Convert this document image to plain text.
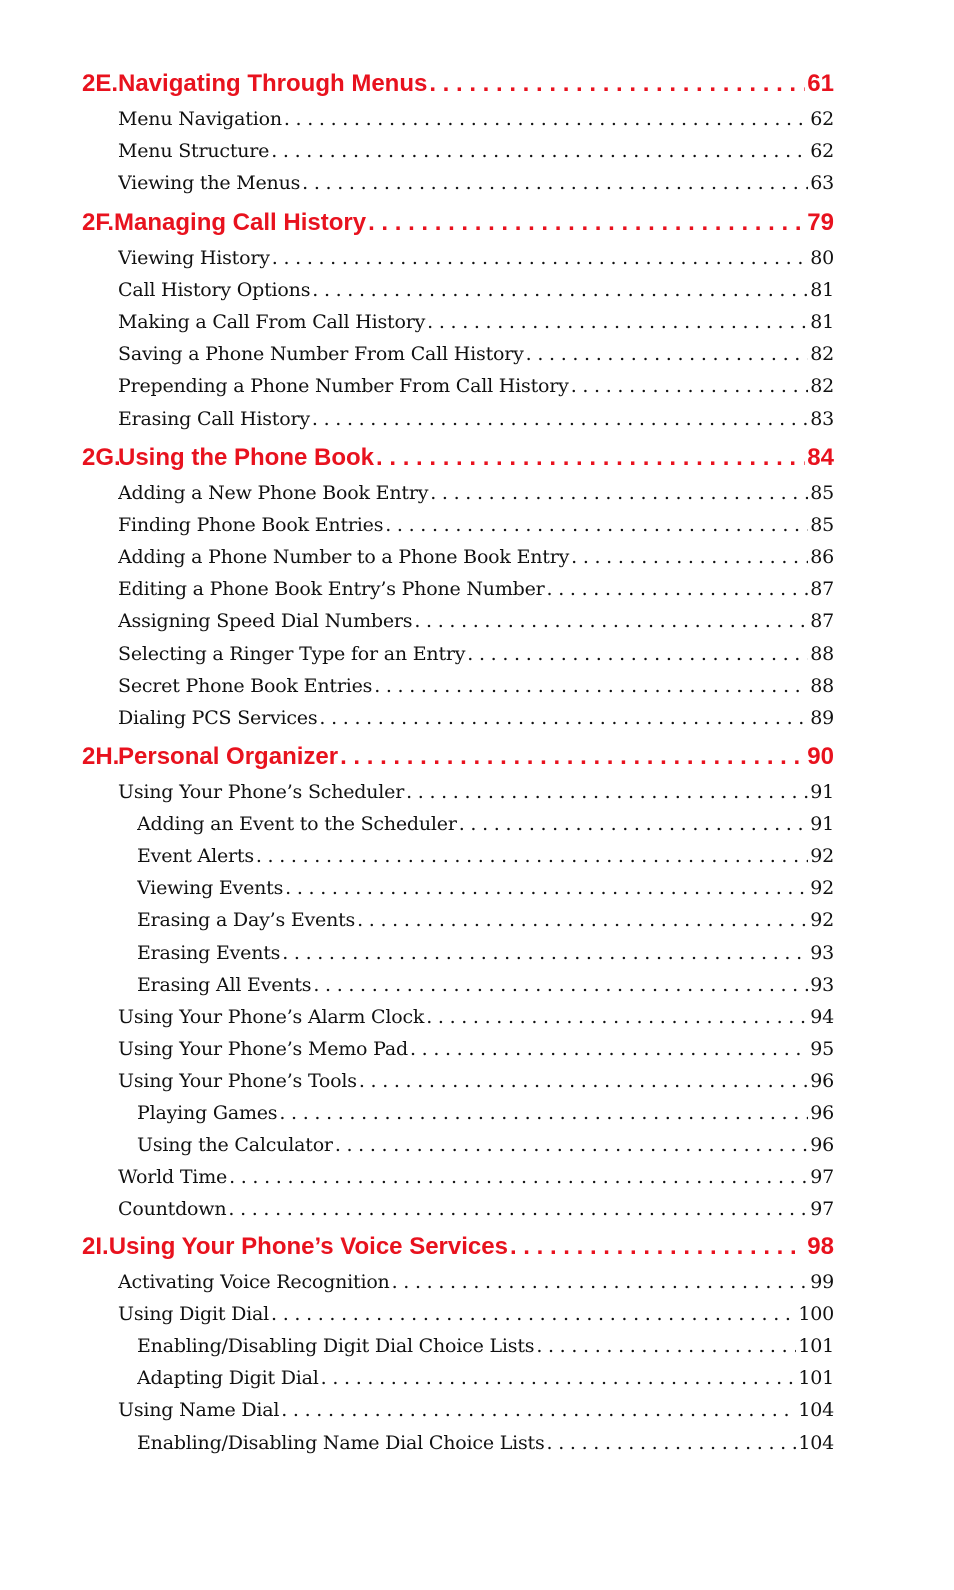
2E. Navigating Through Menus . . .	61
Menu Navigation . . .	62
Menu Structure . . .	62
Viewing the Menus . . .	63
2F. Managing Call History . . .	79
Viewing History . . .	80
Call History Options . . .	81
Making a Call From Call History . . .	81
Saving a Phone Number From Call History . . .	82
Prepending a Phone Number From Call History . . .	82
Erasing Call History . . .	83
2G.
Using the Phone Book . . .	84
Adding a New Phone Book Entry . . .	85
Finding Phone Book Entries . . .	85
Adding a Phone Number to a Phone Book Entry . . .	86
Editing a Phone Book Entry’s Phone Number . . .	87
Assigning Speed Dial Numbers . . .	87
Selecting a Ringer Type for an Entry . . .	88
Secret Phone Book Entries . . .	88
Dialing PCS Services . . .	89
2H.
Personal Organizer . . .	90
Using Your Phone’s Scheduler . . .	91
Adding an Event to the Scheduler . . .	91
Event Alerts . . .	92
Viewing Events . . .	92
Erasing a Day’s Events . . .	92
Erasing Events . . .	93
Erasing All Events . . .	93
Using Your Phone’s Alarm Clock . . .	94
Using Your Phone’s Memo Pad . . .	95
Using Your Phone’s Tools . . .	96
Playing Games . . .	96
Using the Calculator . . .	96
World Time . . .	97
Countdown . . .	97
2I. Using Your Phone’s Voice Services . . .	98
Activating Voice Recognition . . .	99
Using Digit Dial . . .	100
Enabling/Disabling Digit Dial Choice Lists . . .	101
Adapting Digit Dial . . .	101
Using Name Dial . . .	104
Enabling/Disabling Name Dial Choice Lists . . .	104
